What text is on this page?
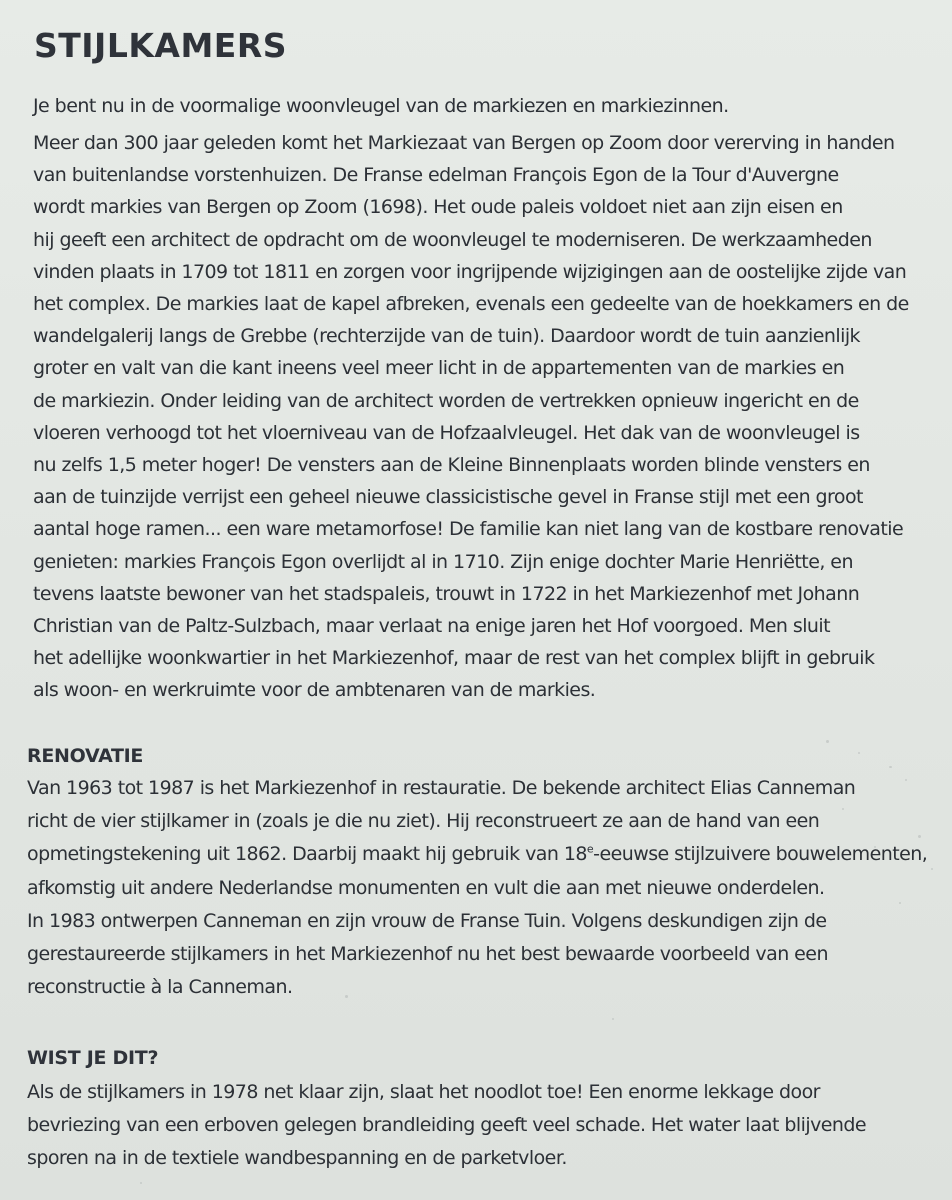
STIJLKAMERS

Je bent nu in de voormalige woonvleugel van de markiezen en markiezinnen.

Meer dan 300 jaar geleden komt het Markiezaat van Bergen op Zoom door vererving in handen

van buitenlandse vorstenhuizen. De Franse edelman François Egon de la Tour d'Auvergne

wordt markies van Bergen op Zoom (1698). Het oude paleis voldoet niet aan zijn eisen en

hij geeft een architect de opdracht om de woonvleugel te moderniseren. De werkzaamheden

vinden plaats in 1709 tot 1811 en zorgen voor ingrijpende wijzigingen aan de oostelijke zijde van

het complex. De markies laat de kapel afbreken, evenals een gedeelte van de hoekkamers en de

wandelgalerij langs de Grebbe (rechterzijde van de tuin). Daardoor wordt de tuin aanzienlijk

groter en valt van die kant ineens veel meer licht in de appartementen van de markies en

de markiezin. Onder leiding van de architect worden de vertrekken opnieuw ingericht en de

vloeren verhoogd tot het vloerniveau van de Hofzaalvleugel. Het dak van de woonvleugel is

nu zelfs 1,5 meter hoger! De vensters aan de Kleine Binnenplaats worden blinde vensters en

aan de tuinzijde verrijst een geheel nieuwe classicistische gevel in Franse stijl met een groot

aantal hoge ramen... een ware metamorfose! De familie kan niet lang van de kostbare renovatie

genieten: markies François Egon overlijdt al in 1710. Zijn enige dochter Marie Henriëtte, en

tevens laatste bewoner van het stadspaleis, trouwt in 1722 in het Markiezenhof met Johann

Christian van de Paltz-Sulzbach, maar verlaat na enige jaren het Hof voorgoed. Men sluit

het adellijke woonkwartier in het Markiezenhof, maar de rest van het complex blijft in gebruik

als woon- en werkruimte voor de ambtenaren van de markies.

RENOVATIE

Van 1963 tot 1987 is het Markiezenhof in restauratie. De bekende architect Elias Canneman

richt de vier stijlkamer in (zoals je die nu ziet). Hij reconstrueert ze aan de hand van een

opmetingstekening uit 1862. Daarbij maakt hij gebruik van 18e-eeuwse stijlzuivere bouwelementen,

afkomstig uit andere Nederlandse monumenten en vult die aan met nieuwe onderdelen.

In 1983 ontwerpen Canneman en zijn vrouw de Franse Tuin. Volgens deskundigen zijn de

gerestaureerde stijlkamers in het Markiezenhof nu het best bewaarde voorbeeld van een

reconstructie à la Canneman.

WIST JE DIT?

Als de stijlkamers in 1978 net klaar zijn, slaat het noodlot toe! Een enorme lekkage door

bevriezing van een erboven gelegen brandleiding geeft veel schade. Het water laat blijvende

sporen na in de textiele wandbespanning en de parketvloer.
